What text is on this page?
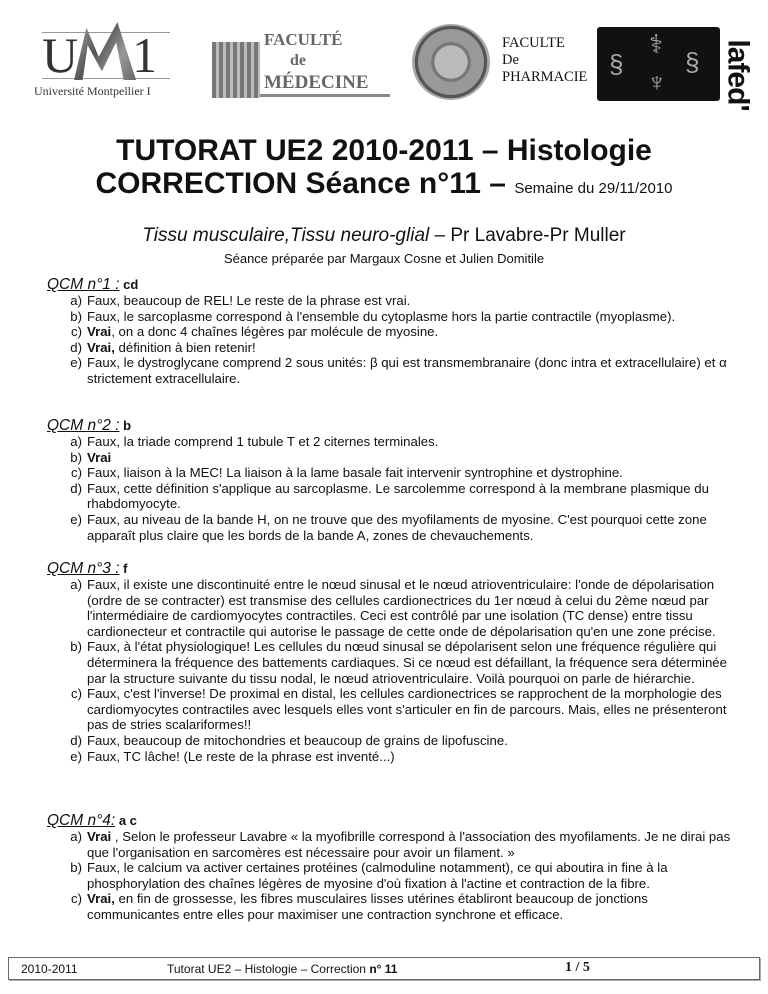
U 1
Université Montpellier I
FACULTÉ
de
MÉDECINE
FACULTE
De
PHARMACIE
⚕
§ §
♆ lafed'
TUTORAT UE2 2010-2011 – Histologie
CORRECTION Séance n°11 – Semaine du 29/11/2010
Tissu musculaire,Tissu neuro-glial – Pr Lavabre-Pr Muller
Séance préparée par Margaux Cosne et Julien Domitile
QCM n°1 : cd
a) Faux, beaucoup de REL! Le reste de la phrase est vrai.
b) Faux, le sarcoplasme correspond à l'ensemble du cytoplasme hors la partie contractile (myoplasme).
c) Vrai, on a donc 4 chaînes légères par molécule de myosine.
d) Vrai, définition à bien retenir!
e) Faux, le dystroglycane comprend 2 sous unités: β qui est transmembranaire (donc intra et extracellulaire) et α strictement extracellulaire.
QCM n°2 : b
a) Faux, la triade comprend 1 tubule T et 2 citernes terminales.
b) Vrai
c) Faux, liaison à la MEC! La liaison à la lame basale fait intervenir syntrophine et dystrophine.
d) Faux, cette définition s'applique au sarcoplasme. Le sarcolemme correspond à la membrane plasmique du rhabdomyocyte.
e) Faux, au niveau de la bande H, on ne trouve que des myofilaments de myosine. C'est pourquoi cette zone apparaît plus claire que les bords de la bande A, zones de chevauchements.
QCM n°3 : f
a) Faux, il existe une discontinuité entre le nœud sinusal et le nœud atrioventriculaire: l'onde de dépolarisation (ordre de se contracter) est transmise des cellules cardionectrices du 1er nœud à celui du 2ème nœud par l'intermédiaire de cardiomyocytes contractiles. Ceci est contrôlé par une isolation (TC dense) entre tissu cardionecteur et contractile qui autorise le passage de cette onde de dépolarisation qu'en une zone précise.
b) Faux, à l'état physiologique! Les cellules du nœud sinusal se dépolarisent selon une fréquence régulière qui déterminera la fréquence des battements cardiaques. Si ce nœud est défaillant, la fréquence sera déterminée par la structure suivante du tissu nodal, le nœud atrioventriculaire. Voilà pourquoi on parle de hiérarchie.
c) Faux, c'est l'inverse! De proximal en distal, les cellules cardionectrices se rapprochent de la morphologie des cardiomyocytes contractiles avec lesquels elles vont s'articuler en fin de parcours. Mais, elles ne présenteront pas de stries scalariformes!!
d) Faux, beaucoup de mitochondries et beaucoup de grains de lipofuscine.
e) Faux, TC lâche! (Le reste de la phrase est inventé...)
QCM n°4: a c
a) Vrai , Selon le professeur Lavabre « la myofibrille correspond à l'association des myofilaments. Je ne dirai pas que l'organisation en sarcomères est nécessaire pour avoir un filament. »
b) Faux, le calcium va activer certaines protéines (calmoduline notamment), ce qui aboutira in fine à la phosphorylation des chaînes légères de myosine d'où fixation à l'actine et contraction de la fibre.
c) Vrai, en fin de grossesse, les fibres musculaires lisses utérines établiront beaucoup de jonctions communicantes entre elles pour maximiser une contraction synchrone et efficace.
2010-2011	Tutorat UE2 – Histologie – Correction n° 11	1 / 5
